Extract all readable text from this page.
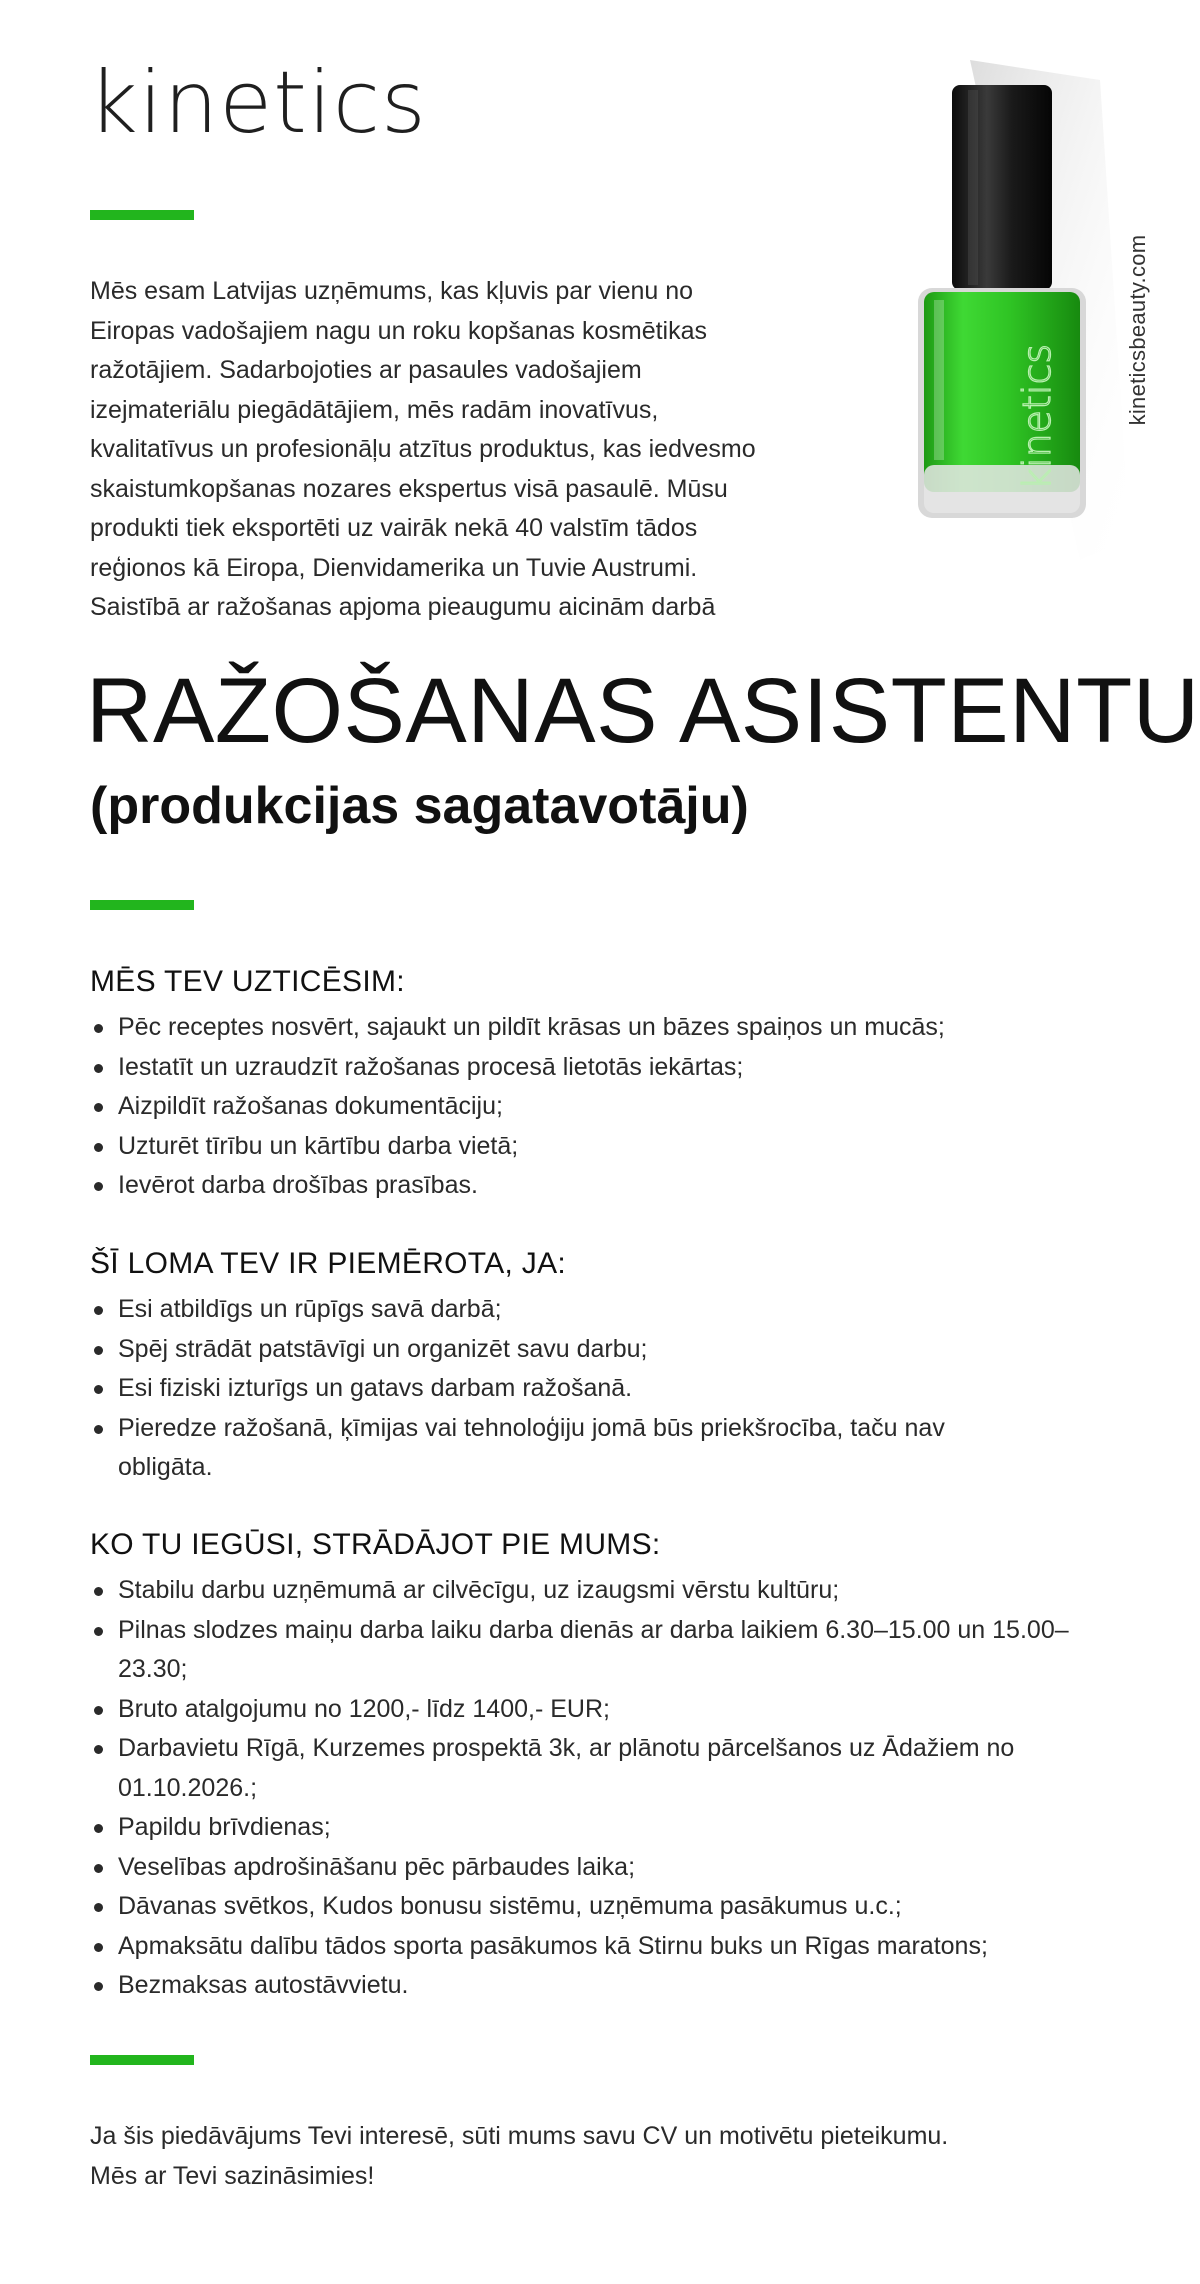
kinetics

Mēs esam Latvijas uzņēmums, kas kļuvis par vienu no
Eiropas vadošajiem nagu un roku kopšanas kosmētikas
ražotājiem. Sadarbojoties ar pasaules vadošajiem
izejmateriālu piegādātājiem, mēs radām inovatīvus,
kvalitatīvus un profesionāļu atzītus produktus, kas iedvesmo
skaistumkopšanas nozares ekspertus visā pasaulē. Mūsu
produkti tiek eksportēti uz vairāk nekā 40 valstīm tādos
reģionos kā Eiropa, Dienvidamerika un Tuvie Austrumi.
Saistībā ar ražošanas apjoma pieaugumu aicinām darbā

kinetics	kineticsbeauty.com
RAŽOŠANAS ASISTENTU
(produkcijas sagatavotāju)
MĒS TEV UZTICĒSIM:
Pēc receptes nosvērt, sajaukt un pildīt krāsas un bāzes spaiņos un mucās;
Iestatīt un uzraudzīt ražošanas procesā lietotās iekārtas;
Aizpildīt ražošanas dokumentāciju;
Uzturēt tīrību un kārtību darba vietā;
Ievērot darba drošības prasības.
ŠĪ LOMA TEV IR PIEMĒROTA, JA:
Esi atbildīgs un rūpīgs savā darbā;
Spēj strādāt patstāvīgi un organizēt savu darbu;
Esi fiziski izturīgs un gatavs darbam ražošanā.
Pieredze ražošanā, ķīmijas vai tehnoloģiju jomā būs priekšrocība, taču nav obligāta.
KO TU IEGŪSI, STRĀDĀJOT PIE MUMS:
Stabilu darbu uzņēmumā ar cilvēcīgu, uz izaugsmi vērstu kultūru;
Pilnas slodzes maiņu darba laiku darba dienās ar darba laikiem 6.30–15.00 un 15.00–23.30;
Bruto atalgojumu no 1200,- līdz 1400,- EUR;
Darbavietu Rīgā, Kurzemes prospektā 3k, ar plānotu pārcelšanos uz Ādažiem no 01.10.2026.;
Papildu brīvdienas;
Veselības apdrošināšanu pēc pārbaudes laika;
Dāvanas svētkos, Kudos bonusu sistēmu, uzņēmuma pasākumus u.c.;
Apmaksātu dalību tādos sporta pasākumos kā Stirnu buks un Rīgas maratons;
Bezmaksas autostāvvietu.

Ja šis piedāvājums Tevi interesē, sūti mums savu CV un motivētu pieteikumu.

Mēs ar Tevi sazināsimies!
